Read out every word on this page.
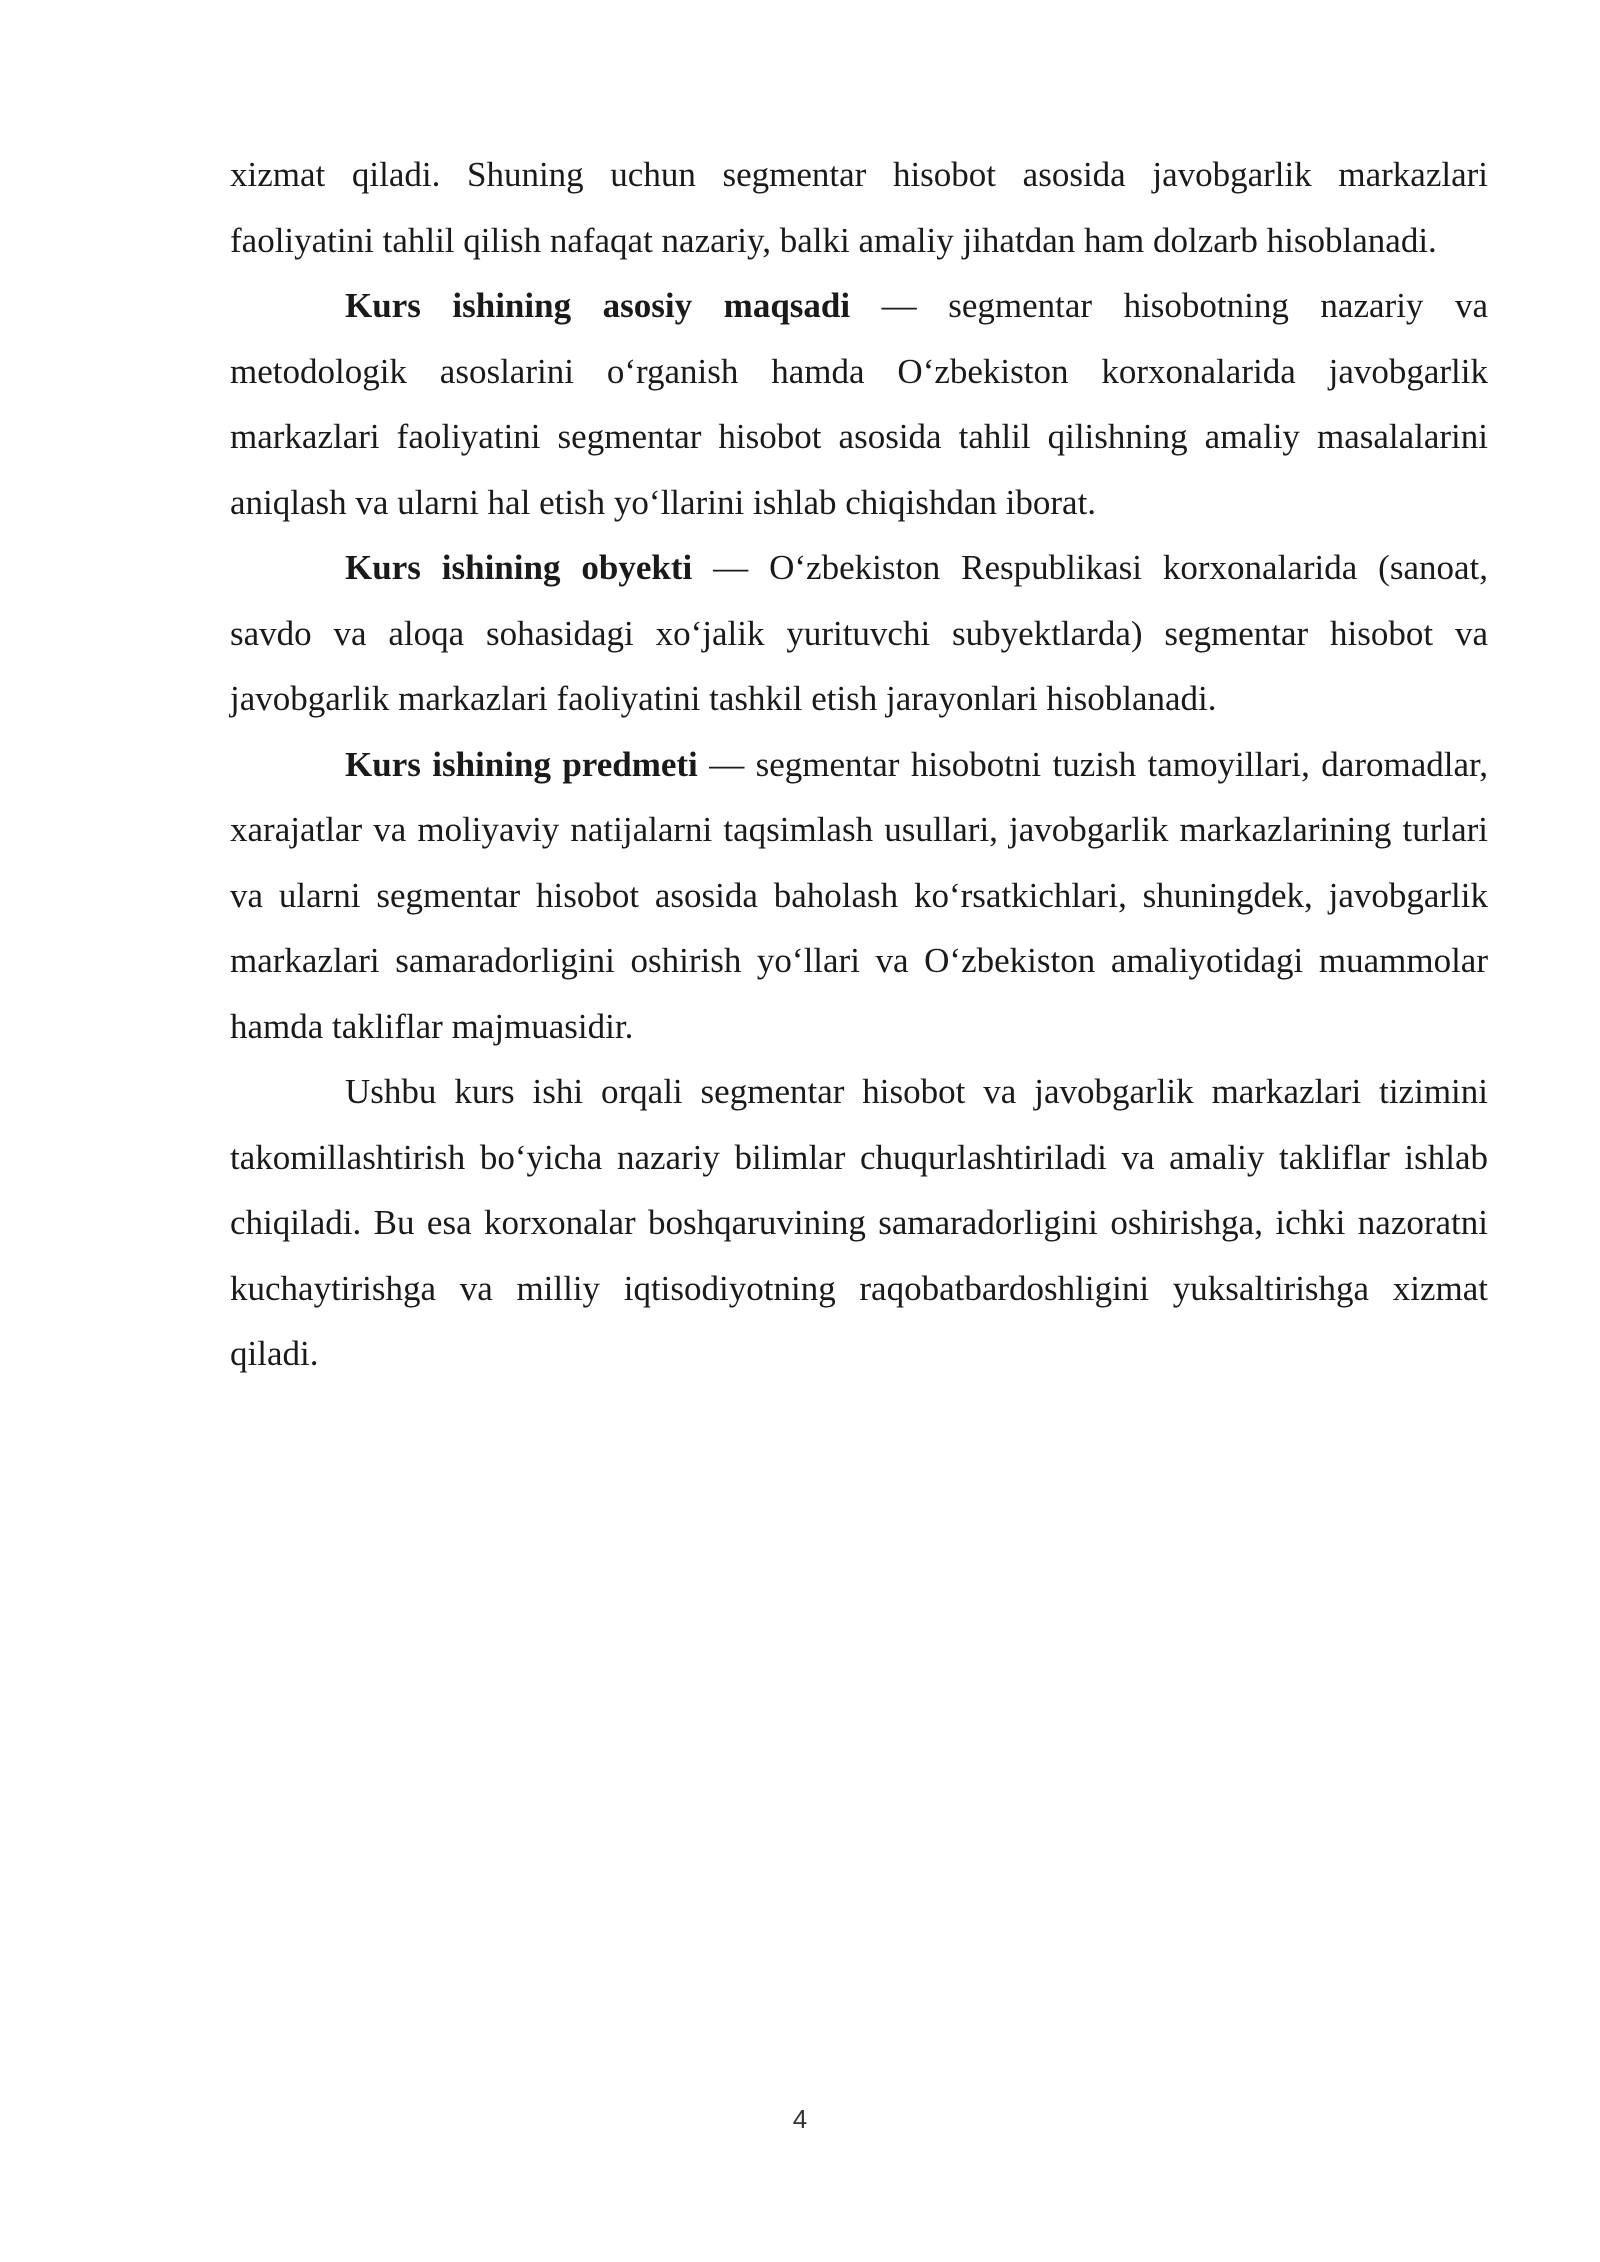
xizmat qiladi. Shuning uchun segmentar hisobot asosida javobgarlik markazlari faoliyatini tahlil qilish nafaqat nazariy, balki amaliy jihatdan ham dolzarb hisoblanadi.

Kurs ishining asosiy maqsadi — segmentar hisobotning nazariy va metodologik asoslarini oʻrganish hamda Oʻzbekiston korxonalarida javobgarlik markazlari faoliyatini segmentar hisobot asosida tahlil qilishning amaliy masalalarini aniqlash va ularni hal etish yoʻllarini ishlab chiqishdan iborat.

Kurs ishining obyekti — Oʻzbekiston Respublikasi korxonalarida (sanoat, savdo va aloqa sohasidagi xoʻjalik yurituvchi subyektlarda) segmentar hisobot va javobgarlik markazlari faoliyatini tashkil etish jarayonlari hisoblanadi.

Kurs ishining predmeti — segmentar hisobotni tuzish tamoyillari, daromadlar, xarajatlar va moliyaviy natijalarni taqsimlash usullari, javobgarlik markazlarining turlari va ularni segmentar hisobot asosida baholash koʻrsatkichlari, shuningdek, javobgarlik markazlari samaradorligini oshirish yoʻllari va Oʻzbekiston amaliyotidagi muammolar hamda takliflar majmuasidir.

Ushbu kurs ishi orqali segmentar hisobot va javobgarlik markazlari tizimini takomillashtirish boʻyicha nazariy bilimlar chuqurlashtiriladi va amaliy takliflar ishlab chiqiladi. Bu esa korxonalar boshqaruvining samaradorligini oshirishga, ichki nazoratni kuchaytirishga va milliy iqtisodiyotning raqobatbardoshligini yuksaltirishga xizmat qiladi.

4
